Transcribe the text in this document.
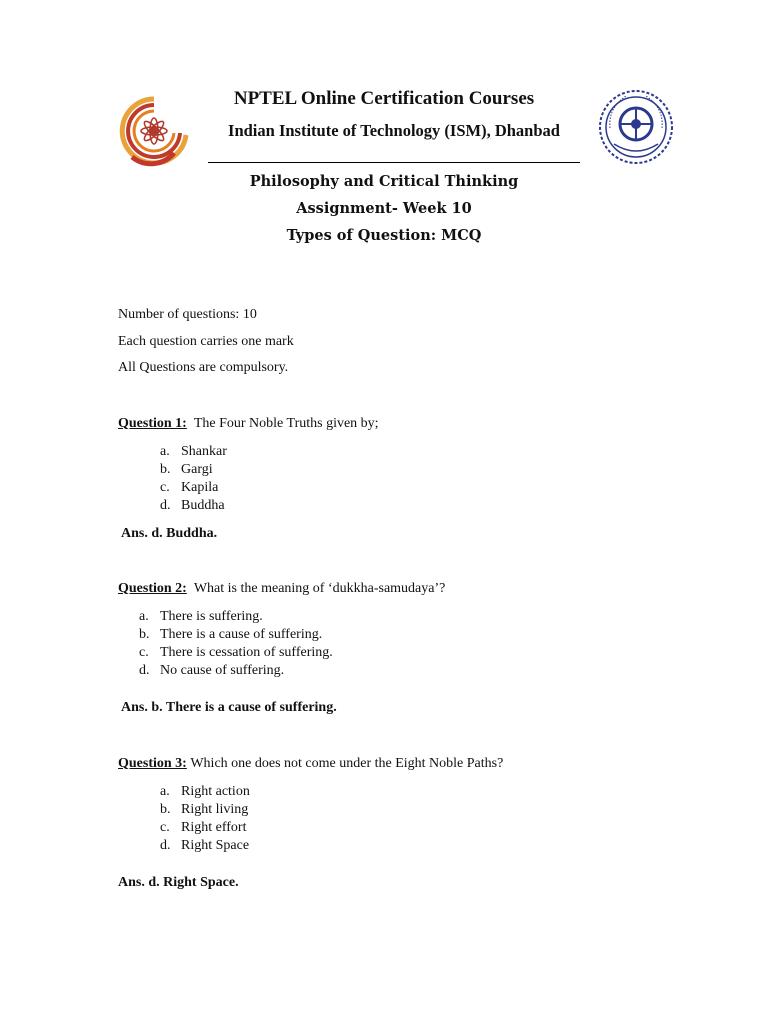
NPTEL Online Certification Courses
Indian Institute of Technology (ISM), Dhanbad
Philosophy and Critical Thinking
Assignment- Week 10
Types of Question: MCQ
Number of questions: 10
Each question carries one mark
All Questions are compulsory.
Question 1: The Four Noble Truths given by;
a. Shankar
b. Gargi
c. Kapila
d. Buddha
Ans. d. Buddha.
Question 2: What is the meaning of ‘dukkha-samudaya’?
a. There is suffering.
b. There is a cause of suffering.
c. There is cessation of suffering.
d. No cause of suffering.
Ans. b. There is a cause of suffering.
Question 3: Which one does not come under the Eight Noble Paths?
a. Right action
b. Right living
c. Right effort
d. Right Space
Ans. d. Right Space.
